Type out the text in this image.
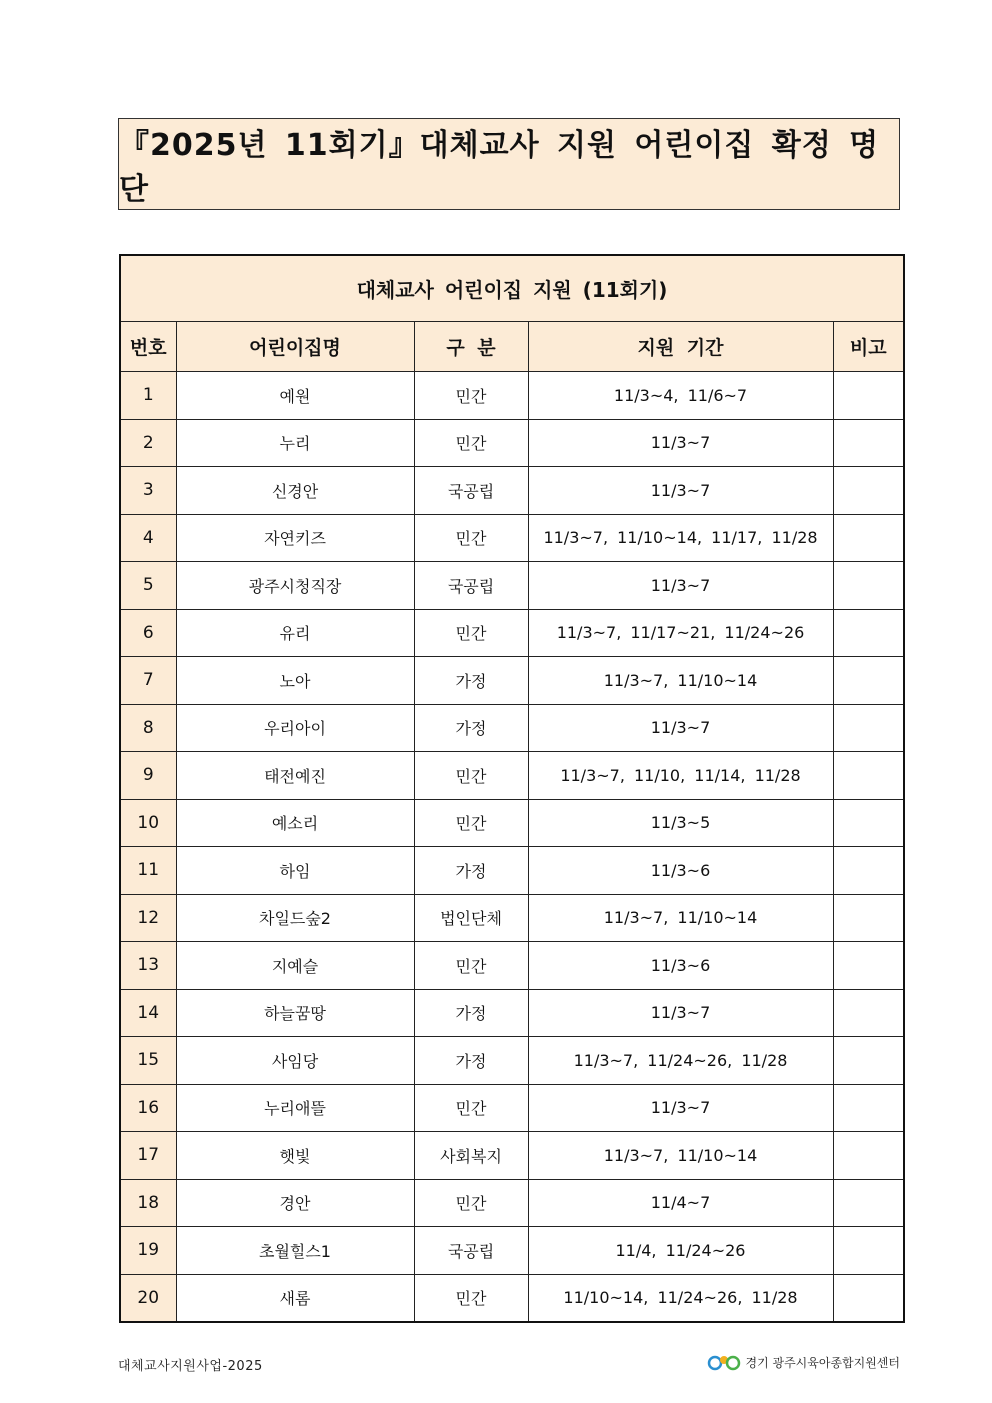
『2025년 11회기』대체교사 지원 어린이집 확정 명단
대체교사 어린이집 지원 (11회기)				
번호	어린이집명	구 분	지원 기간	비고
1	예원	민간	11/3~4, 11/6~7	
2	누리	민간	11/3~7	
3	신경안	국공립	11/3~7	
4	자연키즈	민간	11/3~7, 11/10~14, 11/17, 11/28	
5	광주시청직장	국공립	11/3~7	
6	유리	민간	11/3~7, 11/17~21, 11/24~26	
7	노아	가정	11/3~7, 11/10~14	
8	우리아이	가정	11/3~7	
9	태전예진	민간	11/3~7, 11/10, 11/14, 11/28	
10	예소리	민간	11/3~5	
11	하임	가정	11/3~6	
12	차일드숲2	법인단체	11/3~7, 11/10~14	
13	지예슬	민간	11/3~6	
14	하늘꿈땅	가정	11/3~7	
15	사임당	가정	11/3~7, 11/24~26, 11/28	
16	누리애뜰	민간	11/3~7	
17	햇빛	사회복지	11/3~7, 11/10~14	
18	경안	민간	11/4~7	
19	초월힐스1	국공립	11/4, 11/24~26	
20	새롬	민간	11/10~14, 11/24~26, 11/28	
대체교사지원사업-2025	경기 광주시육아종합지원센터
